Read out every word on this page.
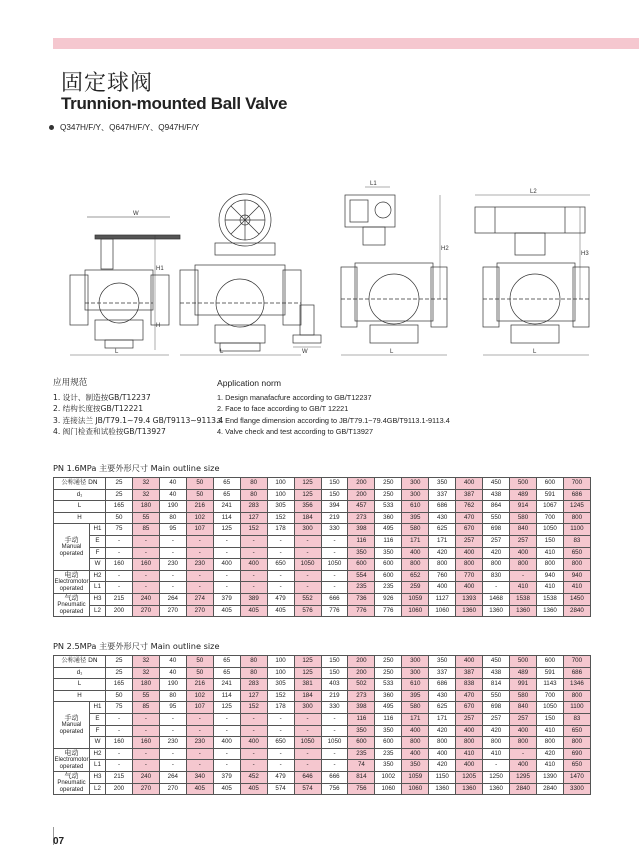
固定球阀
Trunnion-mounted Ball Valve
Q347H/F/Y、Q647H/F/Y、Q947H/F/Y
W
H1
H
L	L	W
L1
H2
L
L2
H3
L
应用规范
1. 设计、制造按GB/T12237
2. 结构长度按GB/T12221
3. 连接法兰 JB/T79.1~79.4 GB/T9113~9113.4
4. 阀门检查和试验按GB/T13927
Application norm
1. Design manafacfure according to GB/T12237
2. Face to face according to GB/T 12221
3. End flange dimension according to JB/T79.1~79.4GB/T9113.1-9113.4
4. Valve check and test according to GB/T13927
PN 1.6MPa 主要外形尺寸 Main outline size
公称通径 DN		25	32	40	50	65	80	100	125	150	200	250	300	350	400	450	500	600	700
d₁		25	32	40	50	65	80	100	125	150	200	250	300	337	387	438	489	591	686
L		165	180	190	216	241	283	305	356	394	457	533	610	686	762	864	914	1067	1245
H		50	55	80	102	114	127	152	184	219	273	360	395	430	470	550	580	700	800
手动
Manual
operated	H1	75	85	95	107	125	152	178	300	330	398	495	580	625	670	698	840	1050	1100
	E	-	-	-	-	-	-	-	-	-	116	116	171	171	257	257	257	150	83
	F	-	-	-	-	-	-	-	-	-	350	350	400	420	400	420	400	410	650
	W	160	160	230	230	400	400	650	1050	1050	600	600	800	800	800	800	800	800	800
电动
Electromotor
operated	H2	-	-	-	-	-	-	-	-	-	554	600	652	760	770	830	-	940	940
	L1	-	-	-	-	-	-	-	-	-	235	235	259	400	400	-	410	410	410
气动
Pneumatic
operated	H3	215	240	264	274	379	389	479	552	666	736	926	1059	1127	1393	1468	1538	1538	1450
	L2	200	270	270	270	405	405	405	576	776	776	776	1060	1060	1360	1360	1360	1360	2840
PN 2.5MPa 主要外形尺寸 Main outline size
公称通径 DN		25	32	40	50	65	80	100	125	150	200	250	300	350	400	450	500	600	700
d₁		25	32	40	50	65	80	100	125	150	200	250	300	337	387	438	489	591	686
L		165	180	190	216	241	283	305	381	403	502	533	610	686	838	814	991	1143	1346
H		50	55	80	102	114	127	152	184	219	273	360	395	430	470	550	580	700	800
手动
Manual
operated	H1	75	85	95	107	125	152	178	300	330	398	495	580	625	670	698	840	1050	1100
	E	-	-	-	-	-	-	-	-	-	116	116	171	171	257	257	257	150	83
	F	-	-	-	-	-	-	-	-	-	350	350	400	420	400	420	400	410	650
	W	160	160	230	230	400	400	650	1050	1050	600	600	800	800	800	800	800	800	800
电动
Electromotor
operated	H2	-	-	-	-	-	-	-	-	-	235	235	400	400	410	410	-	420	690
	L1	-	-	-	-	-	-	-	-	-	74	350	350	420	400	-	400	410	650
气动
Pneumatic
operated	H3	215	240	264	340	379	452	479	646	666	814	1002	1059	1150	1205	1250	1295	1390	1470
	L2	200	270	270	405	405	405	574	574	756	756	1060	1060	1360	1360	1360	2840	2840	3300
07
